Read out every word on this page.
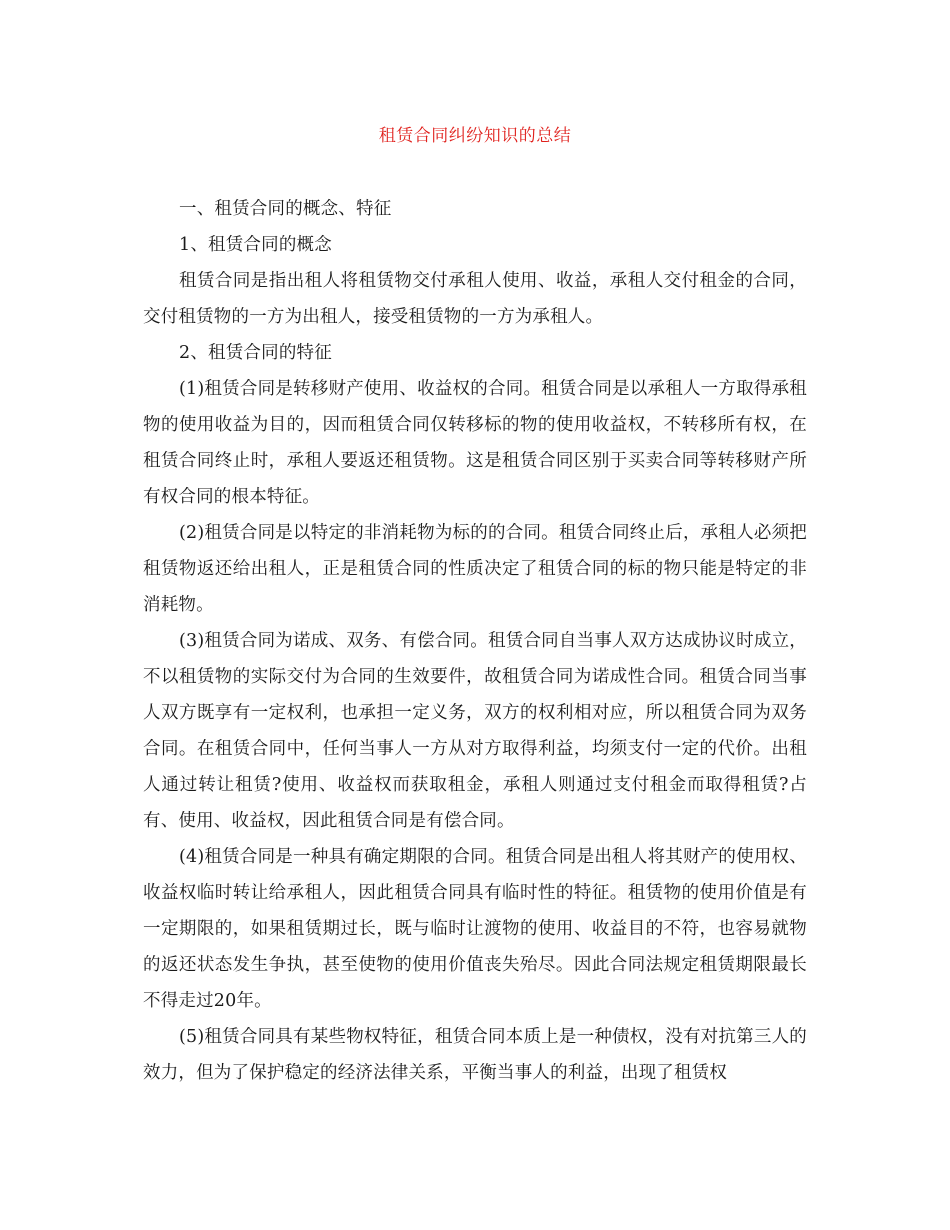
租赁合同纠纷知识的总结

一、租赁合同的概念、特征

1、租赁合同的概念

租赁合同是指出租人将租赁物交付承租人使用、收益，承租人交付租金的合同，交付租赁物的一方为出租人，接受租赁物的一方为承租人。

2、租赁合同的特征

(1)租赁合同是转移财产使用、收益权的合同。租赁合同是以承租人一方取得承租物的使用收益为目的，因而租赁合同仅转移标的物的使用收益权，不转移所有权，在租赁合同终止时，承租人要返还租赁物。这是租赁合同区别于买卖合同等转移财产所有权合同的根本特征。

(2)租赁合同是以特定的非消耗物为标的的合同。租赁合同终止后，承租人必须把租赁物返还给出租人，正是租赁合同的性质决定了租赁合同的标的物只能是特定的非消耗物。

(3)租赁合同为诺成、双务、有偿合同。租赁合同自当事人双方达成协议时成立，不以租赁物的实际交付为合同的生效要件，故租赁合同为诺成性合同。租赁合同当事人双方既享有一定权利，也承担一定义务，双方的权利相对应，所以租赁合同为双务合同。在租赁合同中，任何当事人一方从对方取得利益，均须支付一定的代价。出租人通过转让租赁?使用、收益权而获取租金，承租人则通过支付租金而取得租赁?占有、使用、收益权，因此租赁合同是有偿合同。

(4)租赁合同是一种具有确定期限的合同。租赁合同是出租人将其财产的使用权、收益权临时转让给承租人，因此租赁合同具有临时性的特征。租赁物的使用价值是有一定期限的，如果租赁期过长，既与临时让渡物的使用、收益目的不符，也容易就物的返还状态发生争执，甚至使物的使用价值丧失殆尽。因此合同法规定租赁期限最长不得走过20年。

(5)租赁合同具有某些物权特征，租赁合同本质上是一种债权，没有对抗第三人的效力，但为了保护稳定的经济法律关系，平衡当事人的利益，出现了租赁权
